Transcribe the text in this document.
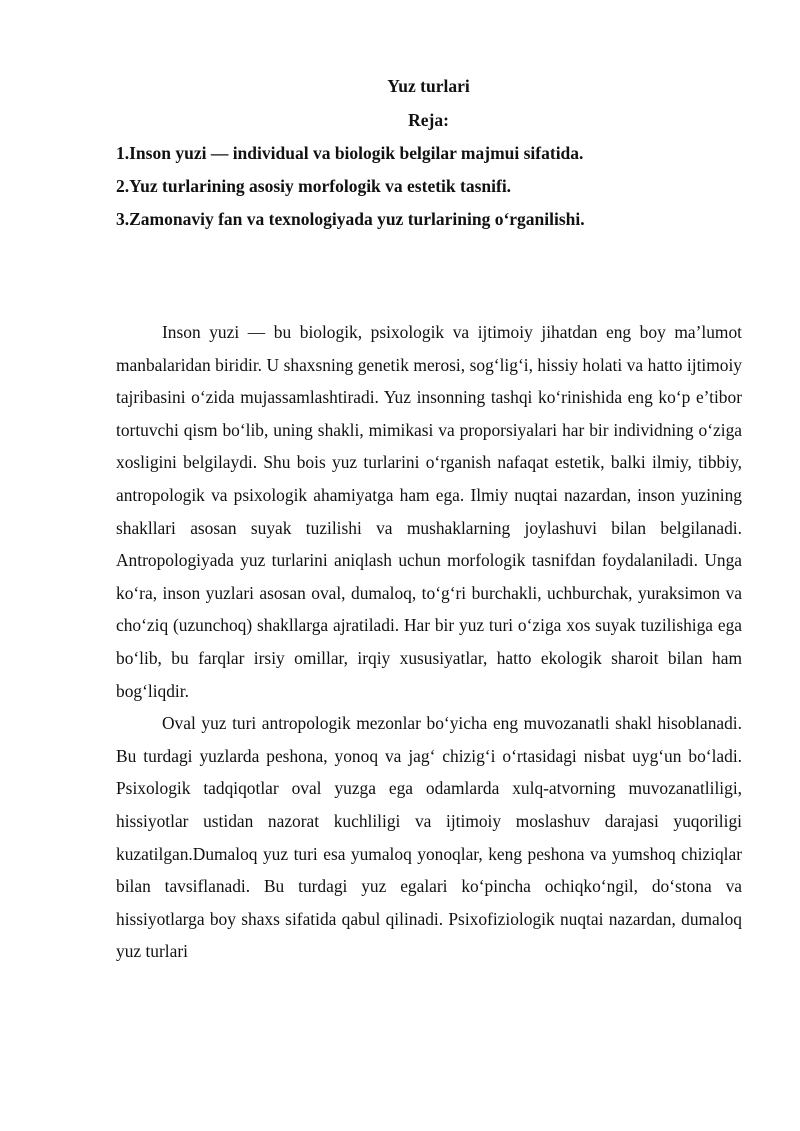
Yuz turlari
Reja:
1.Inson yuzi — individual va biologik belgilar majmui sifatida.
2.Yuz turlarining asosiy morfologik va estetik tasnifi.
3.Zamonaviy fan va texnologiyada yuz turlarining o‘rganilishi.

Inson yuzi — bu biologik, psixologik va ijtimoiy jihatdan eng boy ma’lumot manbalaridan biridir. U shaxsning genetik merosi, sog‘lig‘i, hissiy holati va hatto ijtimoiy tajribasini o‘zida mujassamlashtiradi. Yuz insonning tashqi ko‘rinishida eng ko‘p e’tibor tortuvchi qism bo‘lib, uning shakli, mimikasi va proporsiyalari har bir individning o‘ziga xosligini belgilaydi. Shu bois yuz turlarini o‘rganish nafaqat estetik, balki ilmiy, tibbiy, antropologik va psixologik ahamiyatga ham ega. Ilmiy nuqtai nazardan, inson yuzining shakllari asosan suyak tuzilishi va mushaklarning joylashuvi bilan belgilanadi. Antropologiyada yuz turlarini aniqlash uchun morfologik tasnifdan foydalaniladi. Unga ko‘ra, inson yuzlari asosan oval, dumaloq, to‘g‘ri burchakli, uchburchak, yuraksimon va cho‘ziq (uzunchoq) shakllarga ajratiladi. Har bir yuz turi o‘ziga xos suyak tuzilishiga ega bo‘lib, bu farqlar irsiy omillar, irqiy xususiyatlar, hatto ekologik sharoit bilan ham bog‘liqdir.

Oval yuz turi antropologik mezonlar bo‘yicha eng muvozanatli shakl hisoblanadi. Bu turdagi yuzlarda peshona, yonoq va jag‘ chizig‘i o‘rtasidagi nisbat uyg‘un bo‘ladi. Psixologik tadqiqotlar oval yuzga ega odamlarda xulq-atvorning muvozanatliligi, hissiyotlar ustidan nazorat kuchliligi va ijtimoiy moslashuv darajasi yuqoriligi kuzatilgan.Dumaloq yuz turi esa yumaloq yonoqlar, keng peshona va yumshoq chiziqlar bilan tavsiflanadi. Bu turdagi yuz egalari ko‘pincha ochiqko‘ngil, do‘stona va hissiyotlarga boy shaxs sifatida qabul qilinadi. Psixofiziologik nuqtai nazardan, dumaloq yuz turlari
